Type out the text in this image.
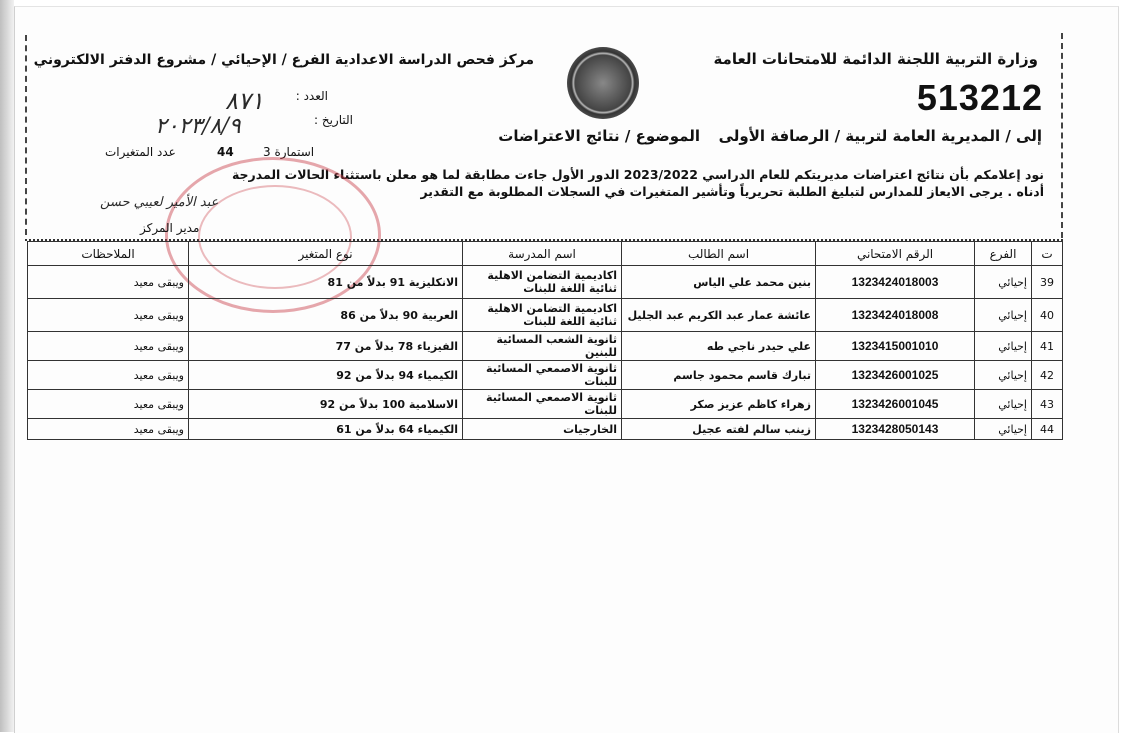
وزارة التربية اللجنة الدائمة للامتحانات العامة
مركز فحص الدراسة الاعدادية الفرع / الإحيائي / مشروع الدفتر الالكتروني
513212
العدد :
٨٧١
التاريخ :
٢٠٢٣/٨/٩	إلى / المديرية العامة لتربية / الرصافة الأولى
الموضوع / نتائج الاعتراضات
عدد المتغيرات	44 استمارة 3
نود إعلامكم بأن نتائج اعتراضات مديريتكم للعام الدراسي 2023/2022 الدور الأول جاءت مطابقة لما هو معلن باستثناء الحالات المدرجة
أدناه . يرجى الايعاز للمدارس لتبليغ الطلبة تحريرياً وتأشير المتغيرات في السجلات المطلوبة مع التقدير
عبد الأمير لعيبي حسن
مدير المركز
ت	الفرع	الرقم الامتحاني	اسم الطالب	اسم المدرسة	نوع المتغير	الملاحظات
39	إحيائي	1323424018003	بنين محمد علي الياس	اكاديمية التضامن الاهلية ثنائية اللغة للبنات	الانكليزية 91 بدلاً من 81	ويبقى معيد
40	إحيائي	1323424018008	عائشة عمار عبد الكريم عبد الجليل	اكاديمية التضامن الاهلية ثنائية اللغة للبنات	العربية 90 بدلاً من 86	ويبقى معيد
41	إحيائي	1323415001010	علي حيدر ناجي طه	ثانوية الشعب المسائية للبنين	الفيزياء 78 بدلاً من 77	ويبقى معيد
42	إحيائي	1323426001025	تبارك قاسم محمود جاسم	ثانوية الاصمعي المسائية للبنات	الكيمياء 94 بدلاً من 92	ويبقى معيد
43	إحيائي	1323426001045	زهراء كاظم عزيز صكر	ثانوية الاصمعي المسائية للبنات	الاسلامية 100 بدلاً من 92	ويبقى معيد
44	إحيائي	1323428050143	زينب سالم لفته عجيل	الخارجيات	الكيمياء 64 بدلاً من 61	ويبقى معيد
